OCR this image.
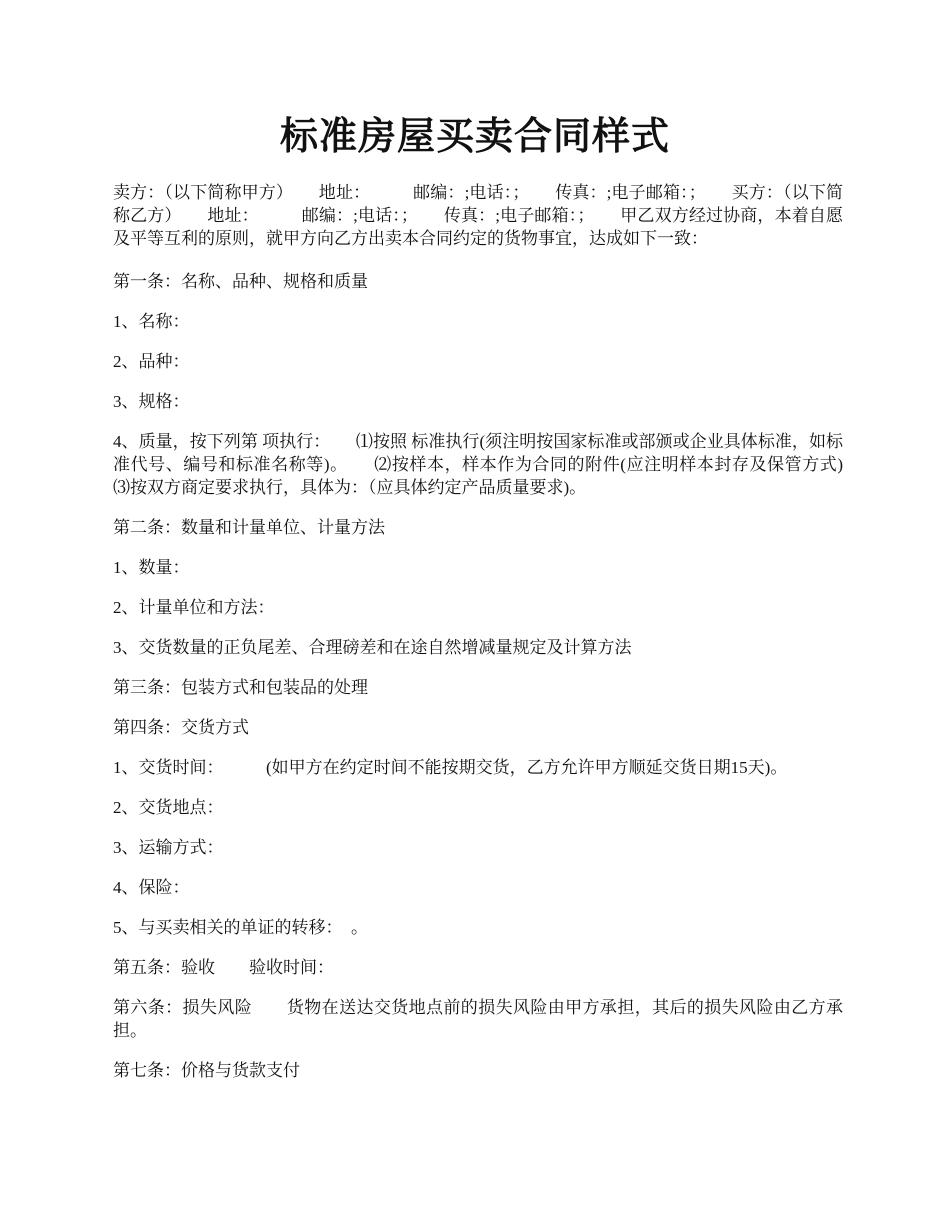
标准房屋买卖合同样式

卖方：（以下简称甲方）　　地址：　　　邮编：;电话：；　　传真：;电子邮箱：；　　买方：（以下简称乙方）　　地址：　　　邮编：;电话：；　　传真：;电子邮箱：；　　甲乙双方经过协商，本着自愿及平等互利的原则，就甲方向乙方出卖本合同约定的货物事宜，达成如下一致：

第一条：名称、品种、规格和质量

1、名称：

2、品种：

3、规格：

4、质量，按下列第 项执行：　　⑴按照 标准执行(须注明按国家标准或部颁或企业具体标准，如标准代号、编号和标准名称等)。　　⑵按样本，样本作为合同的附件(应注明样本封存及保管方式)　　⑶按双方商定要求执行，具体为：（应具体约定产品质量要求)。

第二条：数量和计量单位、计量方法

1、数量：

2、计量单位和方法：

3、交货数量的正负尾差、合理磅差和在途自然增减量规定及计算方法

第三条：包装方式和包装品的处理

第四条：交货方式

1、交货时间：　　　(如甲方在约定时间不能按期交货，乙方允许甲方顺延交货日期15天)。

2、交货地点：

3、运输方式：

4、保险：

5、与买卖相关的单证的转移：　。

第五条：验收　　验收时间：

第六条：损失风险　　货物在送达交货地点前的损失风险由甲方承担，其后的损失风险由乙方承担。

第七条：价格与货款支付
